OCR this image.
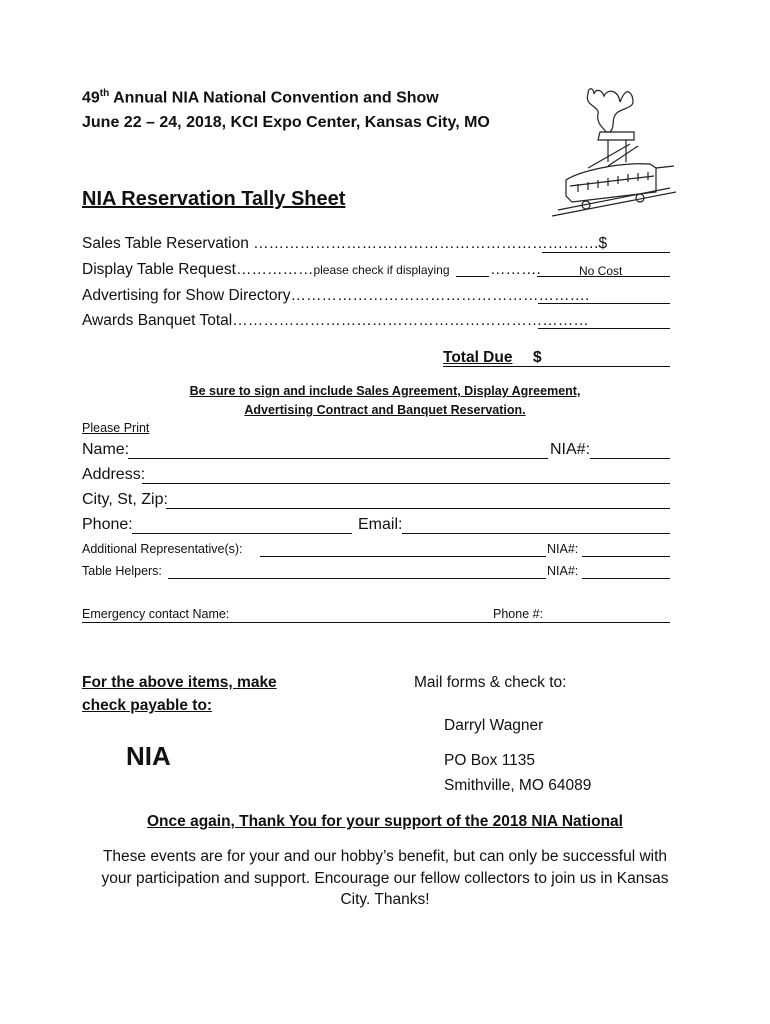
49th Annual NIA National Convention and Show
June 22 – 24, 2018, KCI Expo Center, Kansas City, MO
NIA Reservation Tally Sheet
Sales Table Reservation ………………………………………………………….$
Display Table Request……………please check if displaying	……….	No Cost
Advertising for Show Directory………………………………………………….
Awards Banquet Total……………………………………………………………
Total Due $
Be sure to sign and include Sales Agreement, Display Agreement,
Advertising Contract and Banquet Reservation.
Please Print
Name:	NIA#:
Address:
City, St, Zip:
Phone:	Email:
Additional Representative(s):	NIA#:
Table Helpers:	NIA#:
Emergency contact Name:	Phone #:
For the above items, make
check payable to:
NIA
Mail forms & check to:
Darryl Wagner
PO Box 1135
Smithville, MO 64089
Once again, Thank You for your support of the 2018 NIA National
These events are for your and our hobby’s benefit, but can only be successful with
your participation and support. Encourage our fellow collectors to join us in Kansas
City. Thanks!
